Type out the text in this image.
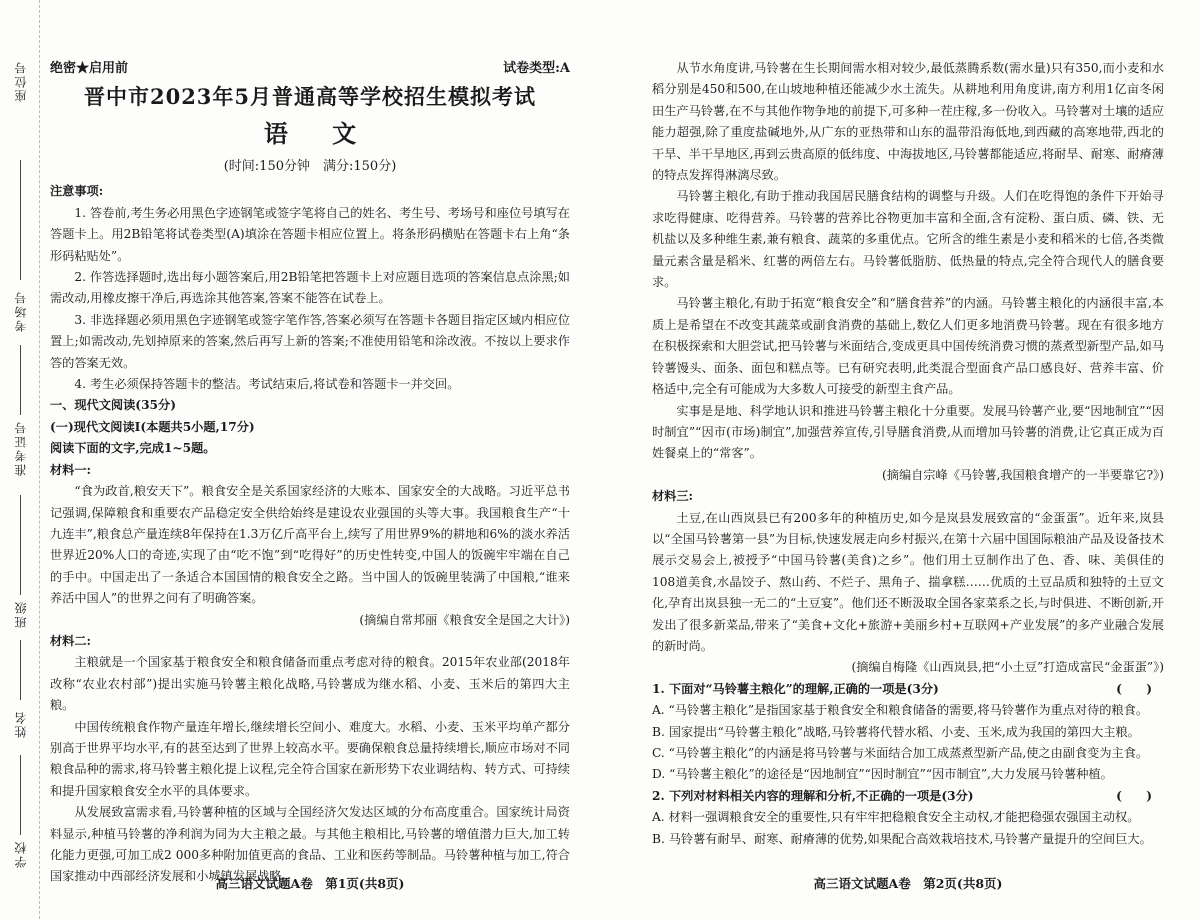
座位号
考场号
准考证号
班级
姓名
学校
绝密★启用前	试卷类型:A
晋中市2023年5月普通高等学校招生模拟考试
语 文
(时间:150分钟　满分:150分)
注意事项:

1. 答卷前,考生务必用黑色字迹钢笔或签字笔将自己的姓名、考生号、考场号和座位号填写在答题卡上。用2B铅笔将试卷类型(A)填涂在答题卡相应位置上。将条形码横贴在答题卡右上角“条形码粘贴处”。

2. 作答选择题时,选出每小题答案后,用2B铅笔把答题卡上对应题目选项的答案信息点涂黑;如需改动,用橡皮擦干净后,再选涂其他答案,答案不能答在试卷上。

3. 非选择题必须用黑色字迹钢笔或签字笔作答,答案必须写在答题卡各题目指定区域内相应位置上;如需改动,先划掉原来的答案,然后再写上新的答案;不准使用铅笔和涂改液。不按以上要求作答的答案无效。

4. 考生必须保持答题卡的整洁。考试结束后,将试卷和答题卡一并交回。

一、现代文阅读(35分)
(一)现代文阅读Ⅰ(本题共5小题,17分)
阅读下面的文字,完成1~5题。
材料一:

“食为政首,粮安天下”。粮食安全是关系国家经济的大账本、国家安全的大战略。习近平总书记强调,保障粮食和重要农产品稳定安全供给始终是建设农业强国的头等大事。我国粮食生产“十九连丰”,粮食总产量连续8年保持在1.3万亿斤高平台上,续写了用世界9%的耕地和6%的淡水养活世界近20%人口的奇迹,实现了由“吃不饱”到“吃得好”的历史性转变,中国人的饭碗牢牢端在自己的手中。中国走出了一条适合本国国情的粮食安全之路。当中国人的饭碗里装满了中国粮,“谁来养活中国人”的世界之问有了明确答案。

(摘编自常邦丽《粮食安全是国之大计》)
材料二:

主粮就是一个国家基于粮食安全和粮食储备而重点考虑对待的粮食。2015年农业部(2018年改称“农业农村部”)提出实施马铃薯主粮化战略,马铃薯成为继水稻、小麦、玉米后的第四大主粮。

中国传统粮食作物产量连年增长,继续增长空间小、难度大。水稻、小麦、玉米平均单产都分别高于世界平均水平,有的甚至达到了世界上较高水平。要确保粮食总量持续增长,顺应市场对不同粮食品种的需求,将马铃薯主粮化提上议程,完全符合国家在新形势下农业调结构、转方式、可持续和提升国家粮食安全水平的具体要求。

从发展致富需求看,马铃薯种植的区域与全国经济欠发达区域的分布高度重合。国家统计局资料显示,种植马铃薯的净利润为同为大主粮之最。与其他主粮相比,马铃薯的增值潜力巨大,加工转化能力更强,可加工成2 000多种附加值更高的食品、工业和医药等制品。马铃薯种植与加工,符合国家推动中西部经济发展和小城镇发展战略。

从节水角度讲,马铃薯在生长期间需水相对较少,最低蒸腾系数(需水量)只有350,而小麦和水稻分别是450和500,在山坡地种植还能减少水土流失。从耕地利用角度讲,南方利用1亿亩冬闲田生产马铃薯,在不与其他作物争地的前提下,可多种一茬庄稼,多一份收入。马铃薯对土壤的适应能力超强,除了重度盐碱地外,从广东的亚热带和山东的温带沿海低地,到西藏的高寒地带,西北的干旱、半干旱地区,再到云贵高原的低纬度、中海拔地区,马铃薯都能适应,将耐旱、耐寒、耐瘠薄的特点发挥得淋漓尽致。

马铃薯主粮化,有助于推动我国居民膳食结构的调整与升级。人们在吃得饱的条件下开始寻求吃得健康、吃得营养。马铃薯的营养比谷物更加丰富和全面,含有淀粉、蛋白质、磷、铁、无机盐以及多种维生素,兼有粮食、蔬菜的多重优点。它所含的维生素是小麦和稻米的七倍,各类微量元素含量是稻米、红薯的两倍左右。马铃薯低脂肪、低热量的特点,完全符合现代人的膳食要求。

马铃薯主粮化,有助于拓宽“粮食安全”和“膳食营养”的内涵。马铃薯主粮化的内涵很丰富,本质上是希望在不改变其蔬菜或副食消费的基础上,数亿人们更多地消费马铃薯。现在有很多地方在积极探索和大胆尝试,把马铃薯与米面结合,变成更具中国传统消费习惯的蒸煮型新型产品,如马铃薯馒头、面条、面包和糕点等。已有研究表明,此类混合型面食产品口感良好、营养丰富、价格适中,完全有可能成为大多数人可接受的新型主食产品。

实事是是地、科学地认识和推进马铃薯主粮化十分重要。发展马铃薯产业,要“因地制宜”“因时制宜”“因市(市场)制宜”,加强营养宣传,引导膳食消费,从而增加马铃薯的消费,让它真正成为百姓餐桌上的“常客”。

(摘编自宗峰《马铃薯,我国粮食增产的一半要靠它?》)
材料三:

土豆,在山西岚县已有200多年的种植历史,如今是岚县发展致富的“金蛋蛋”。近年来,岚县以“全国马铃薯第一县”为目标,快速发展走向乡村振兴,在第十六届中国国际粮油产品及设备技术展示交易会上,被授予“中国马铃薯(美食)之乡”。他们用土豆制作出了色、香、味、美俱佳的108道美食,水晶饺子、熬山药、不烂子、黑角子、揣拿糕……优质的土豆品质和独特的土豆文化,孕育出岚县独一无二的“土豆宴”。他们还不断汲取全国各家菜系之长,与时俱进、不断创新,开发出了很多新菜品,带来了“美食+文化+旅游+美丽乡村+互联网+产业发展”的多产业融合发展的新时尚。

(摘编自梅隆《山西岚县,把“小土豆”打造成富民“金蛋蛋”》)
1. 下面对“马铃薯主粮化”的理解,正确的一项是(3分)	(　　)

A. “马铃薯主粮化”是指国家基于粮食安全和粮食储备的需要,将马铃薯作为重点对待的粮食。

B. 国家提出“马铃薯主粮化”战略,马铃薯将代替水稻、小麦、玉米,成为我国的第四大主粮。

C. “马铃薯主粮化”的内涵是将马铃薯与米面结合加工成蒸煮型新产品,使之由副食变为主食。

D. “马铃薯主粮化”的途径是“因地制宜”“因时制宜”“因市制宜”,大力发展马铃薯种植。

2. 下列对材料相关内容的理解和分析,不正确的一项是(3分)	(　　)

A. 材料一强调粮食安全的重要性,只有牢牢把稳粮食安全主动权,才能把稳强农强国主动权。

B. 马铃薯有耐旱、耐寒、耐瘠薄的优势,如果配合高效栽培技术,马铃薯产量提升的空间巨大。

高三语文试题A卷　第1页(共8页)	高三语文试题A卷　第2页(共8页)
